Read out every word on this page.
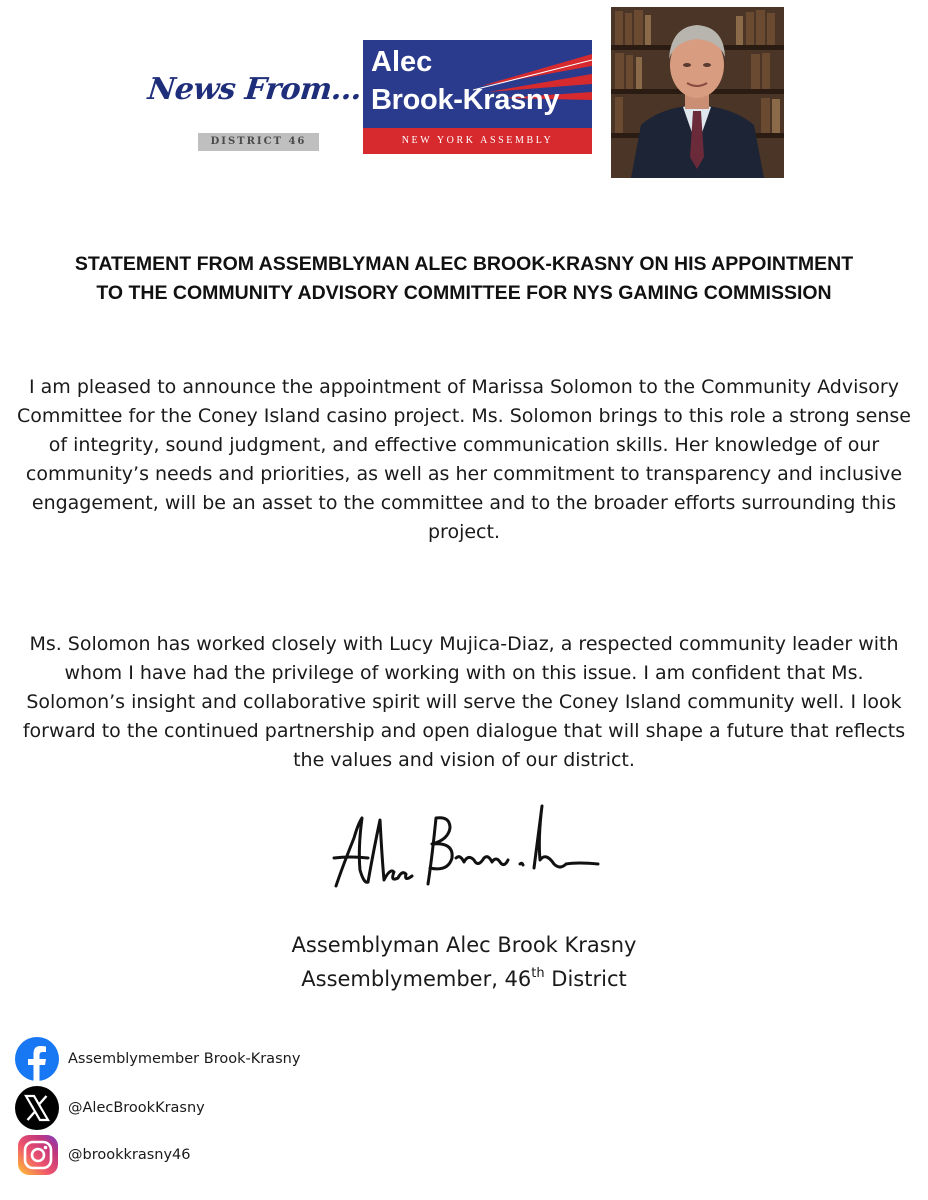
News From...
DISTRICT 46
Alec
Brook-Krasny
NEW YORK ASSEMBLY
STATEMENT FROM ASSEMBLYMAN ALEC BROOK-KRASNY ON HIS APPOINTMENT TO THE COMMUNITY ADVISORY COMMITTEE FOR NYS GAMING COMMISSION
I am pleased to announce the appointment of Marissa Solomon to the Community Advisory Committee for the Coney Island casino project. Ms. Solomon brings to this role a strong sense of integrity, sound judgment, and effective communication skills. Her knowledge of our community’s needs and priorities, as well as her commitment to transparency and inclusive engagement, will be an asset to the committee and to the broader efforts surrounding this project.
Ms. Solomon has worked closely with Lucy Mujica-Diaz, a respected community leader with whom I have had the privilege of working with on this issue. I am confident that Ms. Solomon’s insight and collaborative spirit will serve the Coney Island community well. I look forward to the continued partnership and open dialogue that will shape a future that reflects the values and vision of our district.
Assemblyman Alec Brook Krasny
Assemblymember, 46th District
Assemblymember Brook-Krasny
@AlecBrookKrasny
@brookkrasny46
